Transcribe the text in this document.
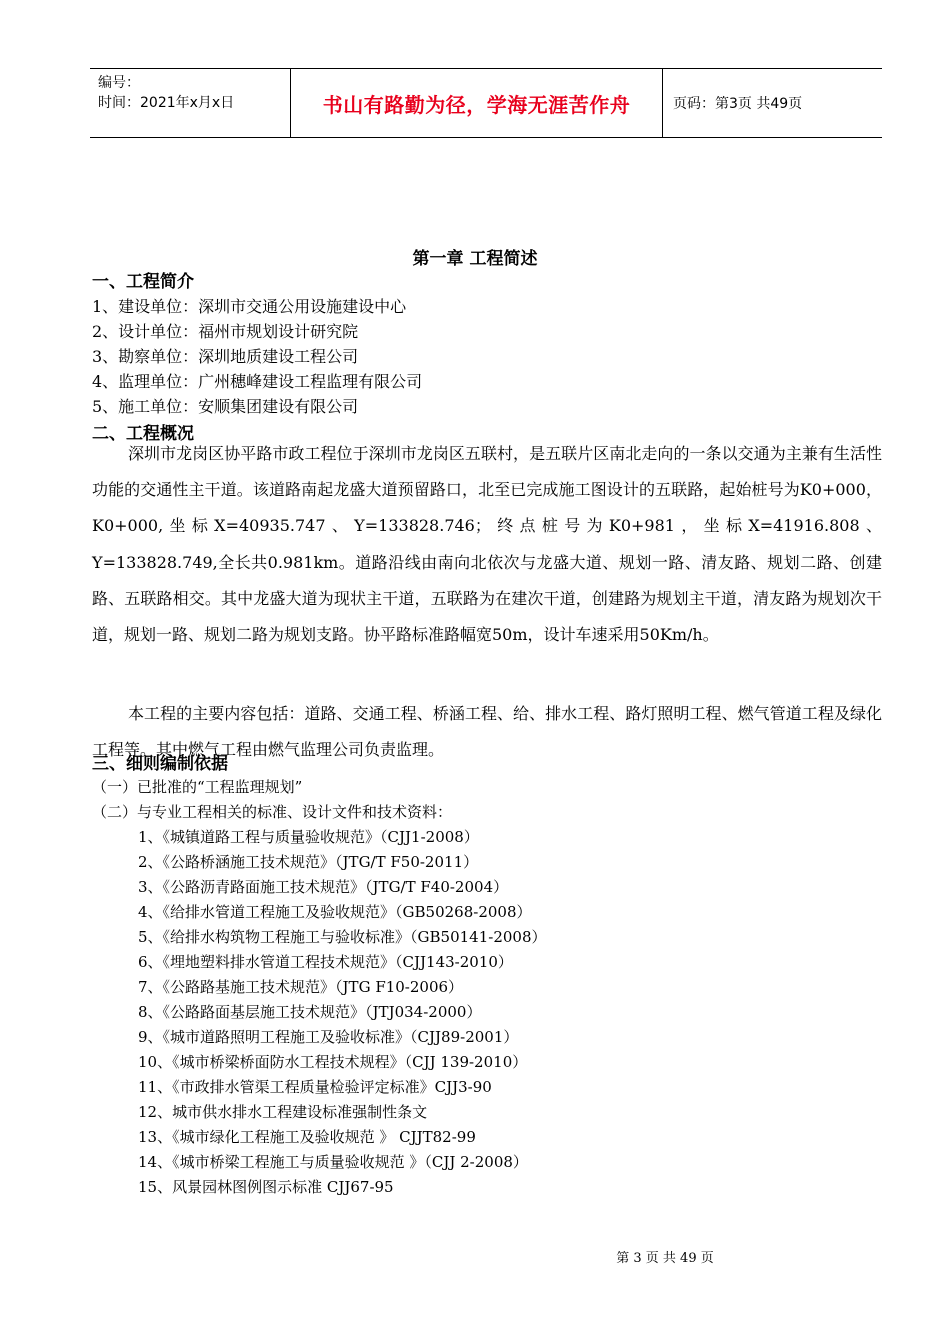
编号：
时间：2021年x月x日	书山有路勤为径，学海无涯苦作舟	页码：第3页 共49页
第一章 工程简述
一、工程简介
1、建设单位：深圳市交通公用设施建设中心
2、设计单位：福州市规划设计研究院
3、勘察单位：深圳地质建设工程公司
4、监理单位：广州穗峰建设工程监理有限公司
5、施工单位：安顺集团建设有限公司
二、工程概况

深圳市龙岗区协平路市政工程位于深圳市龙岗区五联村，是五联片区南北走向的一条以交通为主兼有生活性功能的交通性主干道。该道路南起龙盛大道预留路口，北至已完成施工图设计的五联路，起始桩号为K0+000，K0+000,坐标X=40935.747、Y=133828.746；终点桩号为K0+981，坐标X=41916.808、Y=133828.749,全长共0.981km。道路沿线由南向北依次与龙盛大道、规划一路、清友路、规划二路、创建路、五联路相交。其中龙盛大道为现状主干道，五联路为在建次干道，创建路为规划主干道，清友路为规划次干道，规划一路、规划二路为规划支路。协平路标准路幅宽50m，设计车速采用50Km/h。

本工程的主要内容包括：道路、交通工程、桥涵工程、给、排水工程、路灯照明工程、燃气管道工程及绿化工程等。其中燃气工程由燃气监理公司负责监理。

三、细则编制依据
（一）已批准的“工程监理规划”
（二）与专业工程相关的标准、设计文件和技术资料：
1、《城镇道路工程与质量验收规范》（CJJ1-2008）
2、《公路桥涵施工技术规范》（JTG/T F50-2011）
3、《公路沥青路面施工技术规范》（JTG/T F40-2004）
4、《给排水管道工程施工及验收规范》（GB50268-2008）
5、《给排水构筑物工程施工与验收标准》（GB50141-2008）
6、《埋地塑料排水管道工程技术规范》（CJJ143-2010）
7、《公路路基施工技术规范》（JTG F10-2006）
8、《公路路面基层施工技术规范》（JTJ034-2000）
9、《城市道路照明工程施工及验收标准》（CJJ89-2001）
10、《城市桥梁桥面防水工程技术规程》（CJJ 139-2010）
11、《市政排水管渠工程质量检验评定标准》CJJ3-90
12、城市供水排水工程建设标准强制性条文
13、《城市绿化工程施工及验收规范 》 CJJT82-99
14、《城市桥梁工程施工与质量验收规范 》（CJJ 2-2008）
15、风景园林图例图示标准 CJJ67-95
第 3 页 共 49 页
